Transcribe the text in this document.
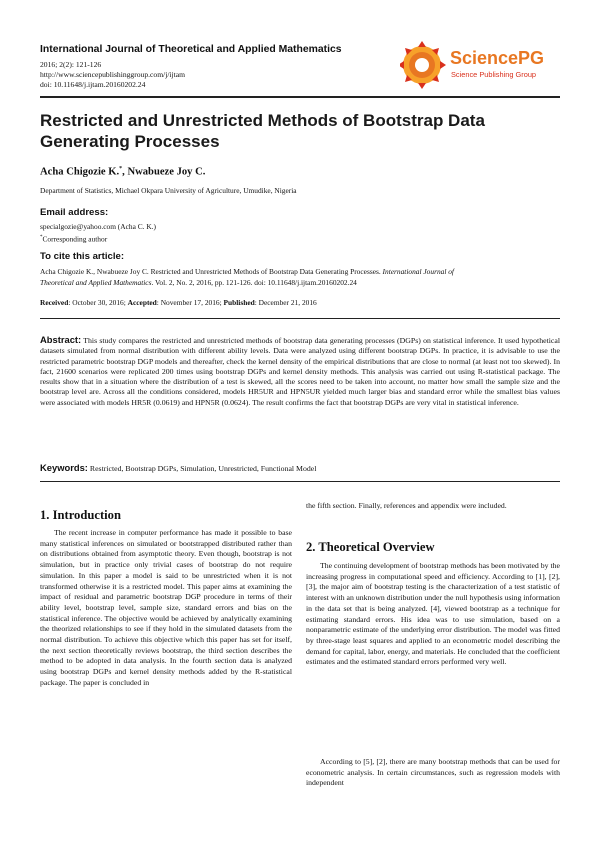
International Journal of Theoretical and Applied Mathematics
2016; 2(2): 121-126
http://www.sciencepublishinggroup.com/j/ijtam
doi: 10.11648/j.ijtam.20160202.24
SciencePG
Science Publishing Group
Restricted and Unrestricted Methods of Bootstrap Data Generating Processes
Acha Chigozie K.*, Nwabueze Joy C.
Department of Statistics, Michael Okpara University of Agriculture, Umudike, Nigeria
Email address:
specialgozie@yahoo.com (Acha C. K.)
*Corresponding author
To cite this article:
Acha Chigozie K., Nwabueze Joy C. Restricted and Unrestricted Methods of Bootstrap Data Generating Processes. International Journal of
Theoretical and Applied Mathematics. Vol. 2, No. 2, 2016, pp. 121-126. doi: 10.11648/j.ijtam.20160202.24
Received: October 30, 2016; Accepted: November 17, 2016; Published: December 21, 2016
Abstract: This study compares the restricted and unrestricted methods of bootstrap data generating processes (DGPs) on statistical inference. It used hypothetical datasets simulated from normal distribution with different ability levels. Data were analyzed using different bootstrap DGPs. In practice, it is advisable to use the restricted parametric bootstrap DGP models and thereafter, check the kernel density of the empirical distributions that are close to normal (at least not too skewed). In fact, 21600 scenarios were replicated 200 times using bootstrap DGPs and kernel density methods. This analysis was carried out using R-statistical package. The results show that in a situation where the distribution of a test is skewed, all the scores need to be taken into account, no matter how small the sample size and the bootstrap level are. Across all the conditions considered, models HR5UR and HPN5UR yielded much larger bias and standard error while the smallest bias values were associated with models HR5R (0.0619) and HPN5R (0.0624). The result confirms the fact that bootstrap DGPs are very vital in statistical inference.
Keywords: Restricted, Bootstrap DGPs, Simulation, Unrestricted, Functional Model
1. Introduction

The recent increase in computer performance has made it possible to base many statistical inferences on simulated or bootstrapped distributed rather than on distributions obtained from asymptotic theory. Even though, bootstrap is not simulation, but in practice only trivial cases of bootstrap do not require simulation. In this paper a model is said to be unrestricted when it is not transformed otherwise it is a restricted model. This paper aims at examining the impact of residual and parametric bootstrap DGP procedure in terms of their ability level, bootstrap level, sample size, standard errors and bias on the statistical inference. The objective would be achieved by analytically examining the theorized relationships to see if they hold in the simulated datasets from the normal distribution. To achieve this objective which this paper has set for itself, the next section theoretically reviews bootstrap, the third section describes the method to be adopted in data analysis. In the fourth section data is analyzed using bootstrap DGPs and kernel density methods added by the R-statistical package. The paper is concluded in

the fifth section. Finally, references and appendix were included.

2. Theoretical Overview

The continuing development of bootstrap methods has been motivated by the increasing progress in computational speed and efficiency. According to [1], [2], [3], the major aim of bootstrap testing is the characterization of a test statistic of interest with an unknown distribution under the null hypothesis using information in the data set that is being analyzed. [4], viewed bootstrap as a technique for estimating standard errors. His idea was to use simulation, based on a nonparametric estimate of the underlying error distribution. The model was fitted by three-stage least squares and applied to an econometric model describing the demand for capital, labor, energy, and materials. He concluded that the coefficient estimates and the estimated standard errors performed very well.

According to [5], [2], there are many bootstrap methods that can be used for econometric analysis. In certain circumstances, such as regression models with independent
